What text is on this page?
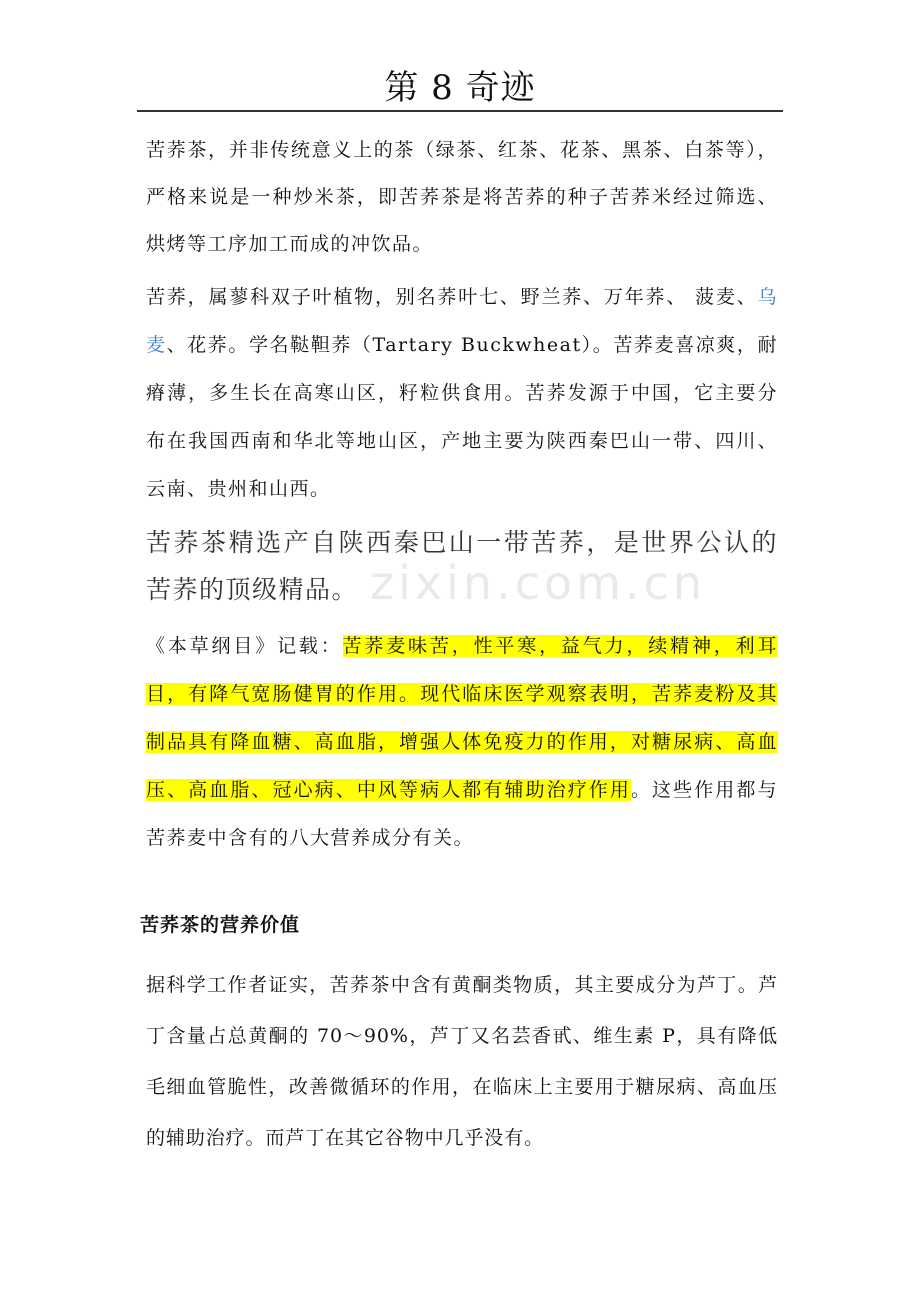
第 8 奇迹

苦荞茶，并非传统意义上的茶（绿茶、红茶、花茶、黑茶、白茶等），严格来说是一种炒米茶，即苦荞茶是将苦荞的种子苦荞米经过筛选、烘烤等工序加工而成的冲饮品。

苦荞，属蓼科双子叶植物，别名荞叶七、野兰荞、万年荞、 菠麦、乌麦、花荞。学名鞑靼荞（Tartary Buckwheat）。苦荞麦喜凉爽，耐瘠薄，多生长在高寒山区，籽粒供食用。苦荞发源于中国，它主要分布在我国西南和华北等地山区，产地主要为陕西秦巴山一带、四川、云南、贵州和山西。

苦荞茶精选产自陕西秦巴山一带苦荞，是世界公认的苦荞的顶级精品。

《本草纲目》记载：苦荞麦味苦，性平寒，益气力，续精神，利耳目，有降气宽肠健胃的作用。现代临床医学观察表明，苦荞麦粉及其制品具有降血糖、高血脂，增强人体免疫力的作用，对糖尿病、高血压、高血脂、冠心病、中风等病人都有辅助治疗作用。这些作用都与苦荞麦中含有的八大营养成分有关。

苦荞茶的营养价值

据科学工作者证实，苦荞茶中含有黄酮类物质，其主要成分为芦丁。芦丁含量占总黄酮的 70～90%，芦丁又名芸香甙、维生素 P，具有降低毛细血管脆性，改善微循环的作用，在临床上主要用于糖尿病、高血压的辅助治疗。而芦丁在其它谷物中几乎没有。

zixin.com.cn
